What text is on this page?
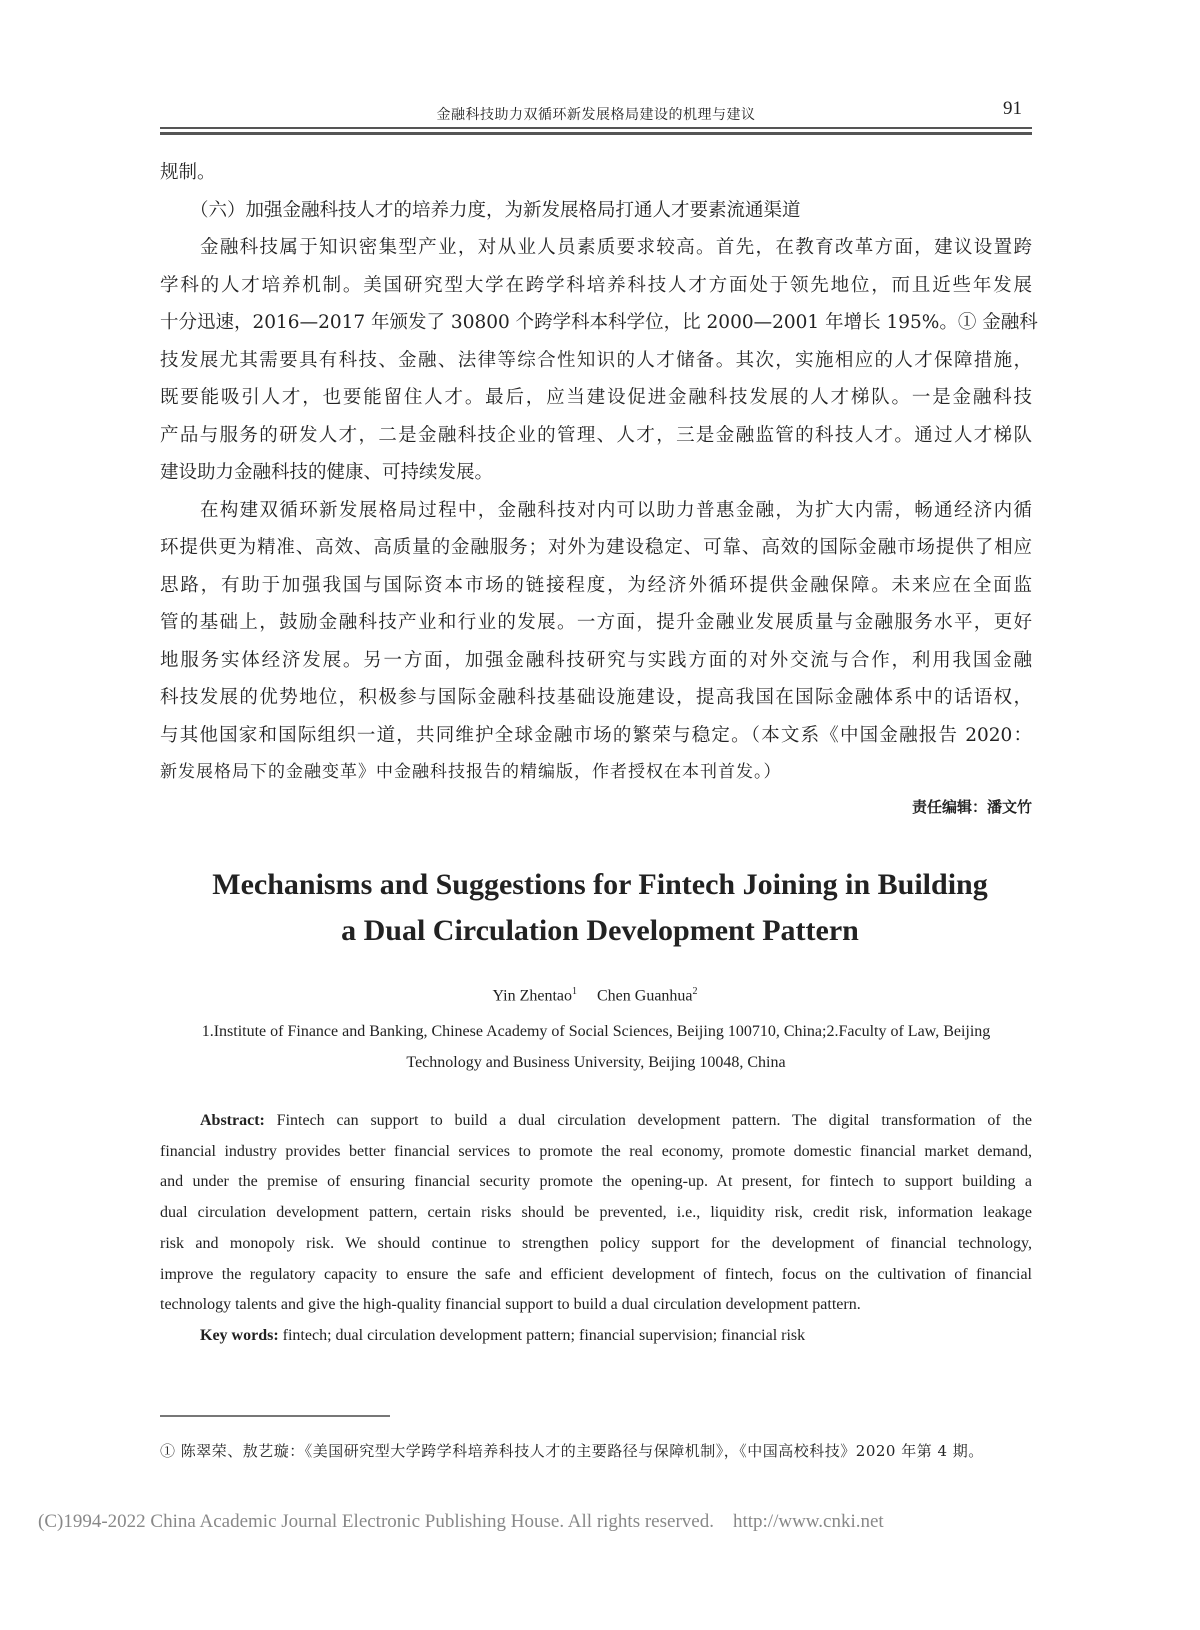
金融科技助力双循环新发展格局建设的机理与建议	91
规制。
（六）加强金融科技人才的培养力度，为新发展格局打通人才要素流通渠道
金融科技属于知识密集型产业，对从业人员素质要求较高。首先，在教育改革方面，建议设置跨
学科的人才培养机制。美国研究型大学在跨学科培养科技人才方面处于领先地位，而且近些年发展
十分迅速，2016—2017 年颁发了 30800 个跨学科本科学位，比 2000—2001 年增长 195%。① 金融科
技发展尤其需要具有科技、金融、法律等综合性知识的人才储备。其次，实施相应的人才保障措施，
既要能吸引人才，也要能留住人才。最后，应当建设促进金融科技发展的人才梯队。一是金融科技
产品与服务的研发人才，二是金融科技企业的管理、人才，三是金融监管的科技人才。通过人才梯队
建设助力金融科技的健康、可持续发展。
在构建双循环新发展格局过程中，金融科技对内可以助力普惠金融，为扩大内需，畅通经济内循
环提供更为精准、高效、高质量的金融服务；对外为建设稳定、可靠、高效的国际金融市场提供了相应
思路，有助于加强我国与国际资本市场的链接程度，为经济外循环提供金融保障。未来应在全面监
管的基础上，鼓励金融科技产业和行业的发展。一方面，提升金融业发展质量与金融服务水平，更好
地服务实体经济发展。另一方面，加强金融科技研究与实践方面的对外交流与合作，利用我国金融
科技发展的优势地位，积极参与国际金融科技基础设施建设，提高我国在国际金融体系中的话语权，
与其他国家和国际组织一道，共同维护全球金融市场的繁荣与稳定。（本文系《中国金融报告 2020：
新发展格局下的金融变革》中金融科技报告的精编版，作者授权在本刊首发。）
责任编辑：潘文竹
Mechanisms and Suggestions for Fintech Joining in Building
a Dual Circulation Development Pattern
Yin Zhentao$^1$ Chen Guanhua$^2$
1.Institute of Finance and Banking, Chinese Academy of Social Sciences, Beijing 100710, China;2.Faculty of Law, Beijing
Technology and Business University, Beijing 10048, China
Abstract: Fintech can support to build a dual circulation development pattern. The digital transformation of the
financial industry provides better financial services to promote the real economy, promote domestic financial market demand,
and under the premise of ensuring financial security promote the opening-up. At present, for fintech to support building a
dual circulation development pattern, certain risks should be prevented, i.e., liquidity risk, credit risk, information leakage
risk and monopoly risk. We should continue to strengthen policy support for the development of financial technology,
improve the regulatory capacity to ensure the safe and efficient development of fintech, focus on the cultivation of financial
technology talents and give the high-quality financial support to build a dual circulation development pattern.
Key words: fintech; dual circulation development pattern; financial supervision; financial risk
① 陈翠荣、敖艺璇：《美国研究型大学跨学科培养科技人才的主要路径与保障机制》，《中国高校科技》2020 年第 4 期。
(C)1994-2022 China Academic Journal Electronic Publishing House. All rights reserved.    http://www.cnki.net
